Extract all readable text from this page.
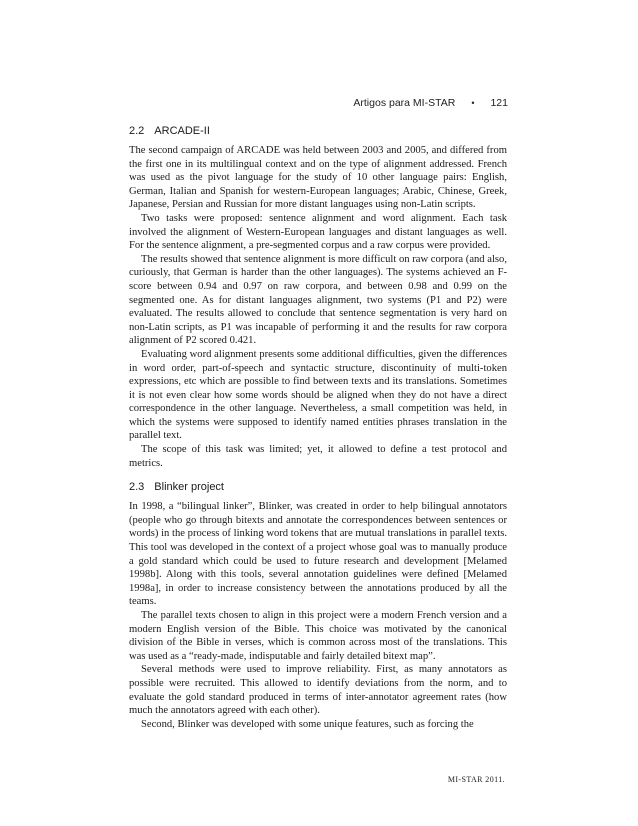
Artigos para MI-STAR • 121
2.2 ARCADE-II

The second campaign of ARCADE was held between 2003 and 2005, and differed from the first one in its multilingual context and on the type of alignment addressed. French was used as the pivot language for the study of 10 other language pairs: English, German, Italian and Spanish for western-European languages; Arabic, Chinese, Greek, Japanese, Persian and Russian for more distant languages using non-Latin scripts.

Two tasks were proposed: sentence alignment and word alignment. Each task involved the alignment of Western-European languages and distant languages as well. For the sentence alignment, a pre-segmented corpus and a raw corpus were provided.

The results showed that sentence alignment is more difficult on raw corpora (and also, curiously, that German is harder than the other languages). The systems achieved an F-score between 0.94 and 0.97 on raw corpora, and between 0.98 and 0.99 on the segmented one. As for distant languages alignment, two systems (P1 and P2) were evaluated. The results allowed to conclude that sentence segmentation is very hard on non-Latin scripts, as P1 was incapable of performing it and the results for raw corpora alignment of P2 scored 0.421.

Evaluating word alignment presents some additional difficulties, given the differences in word order, part-of-speech and syntactic structure, discontinuity of multi-token expressions, etc which are possible to find between texts and its translations. Sometimes it is not even clear how some words should be aligned when they do not have a direct correspondence in the other language. Nevertheless, a small competition was held, in which the systems were supposed to identify named entities phrases translation in the parallel text.

The scope of this task was limited; yet, it allowed to define a test protocol and metrics.

2.3 Blinker project

In 1998, a “bilingual linker”, Blinker, was created in order to help bilingual annotators (people who go through bitexts and annotate the correspondences between sentences or words) in the process of linking word tokens that are mutual translations in parallel texts. This tool was developed in the context of a project whose goal was to manually produce a gold standard which could be used to future research and development [Melamed 1998b]. Along with this tools, several annotation guidelines were defined [Melamed 1998a], in order to increase consistency between the annotations produced by all the teams.

The parallel texts chosen to align in this project were a modern French version and a modern English version of the Bible. This choice was motivated by the canonical division of the Bible in verses, which is common across most of the translations. This was used as a “ready-made, indisputable and fairly detailed bitext map”.

Several methods were used to improve reliability. First, as many annotators as possible were recruited. This allowed to identify deviations from the norm, and to evaluate the gold standard produced in terms of inter-annotator agreement rates (how much the annotators agreed with each other).

Second, Blinker was developed with some unique features, such as forcing the

MI-STAR 2011.
